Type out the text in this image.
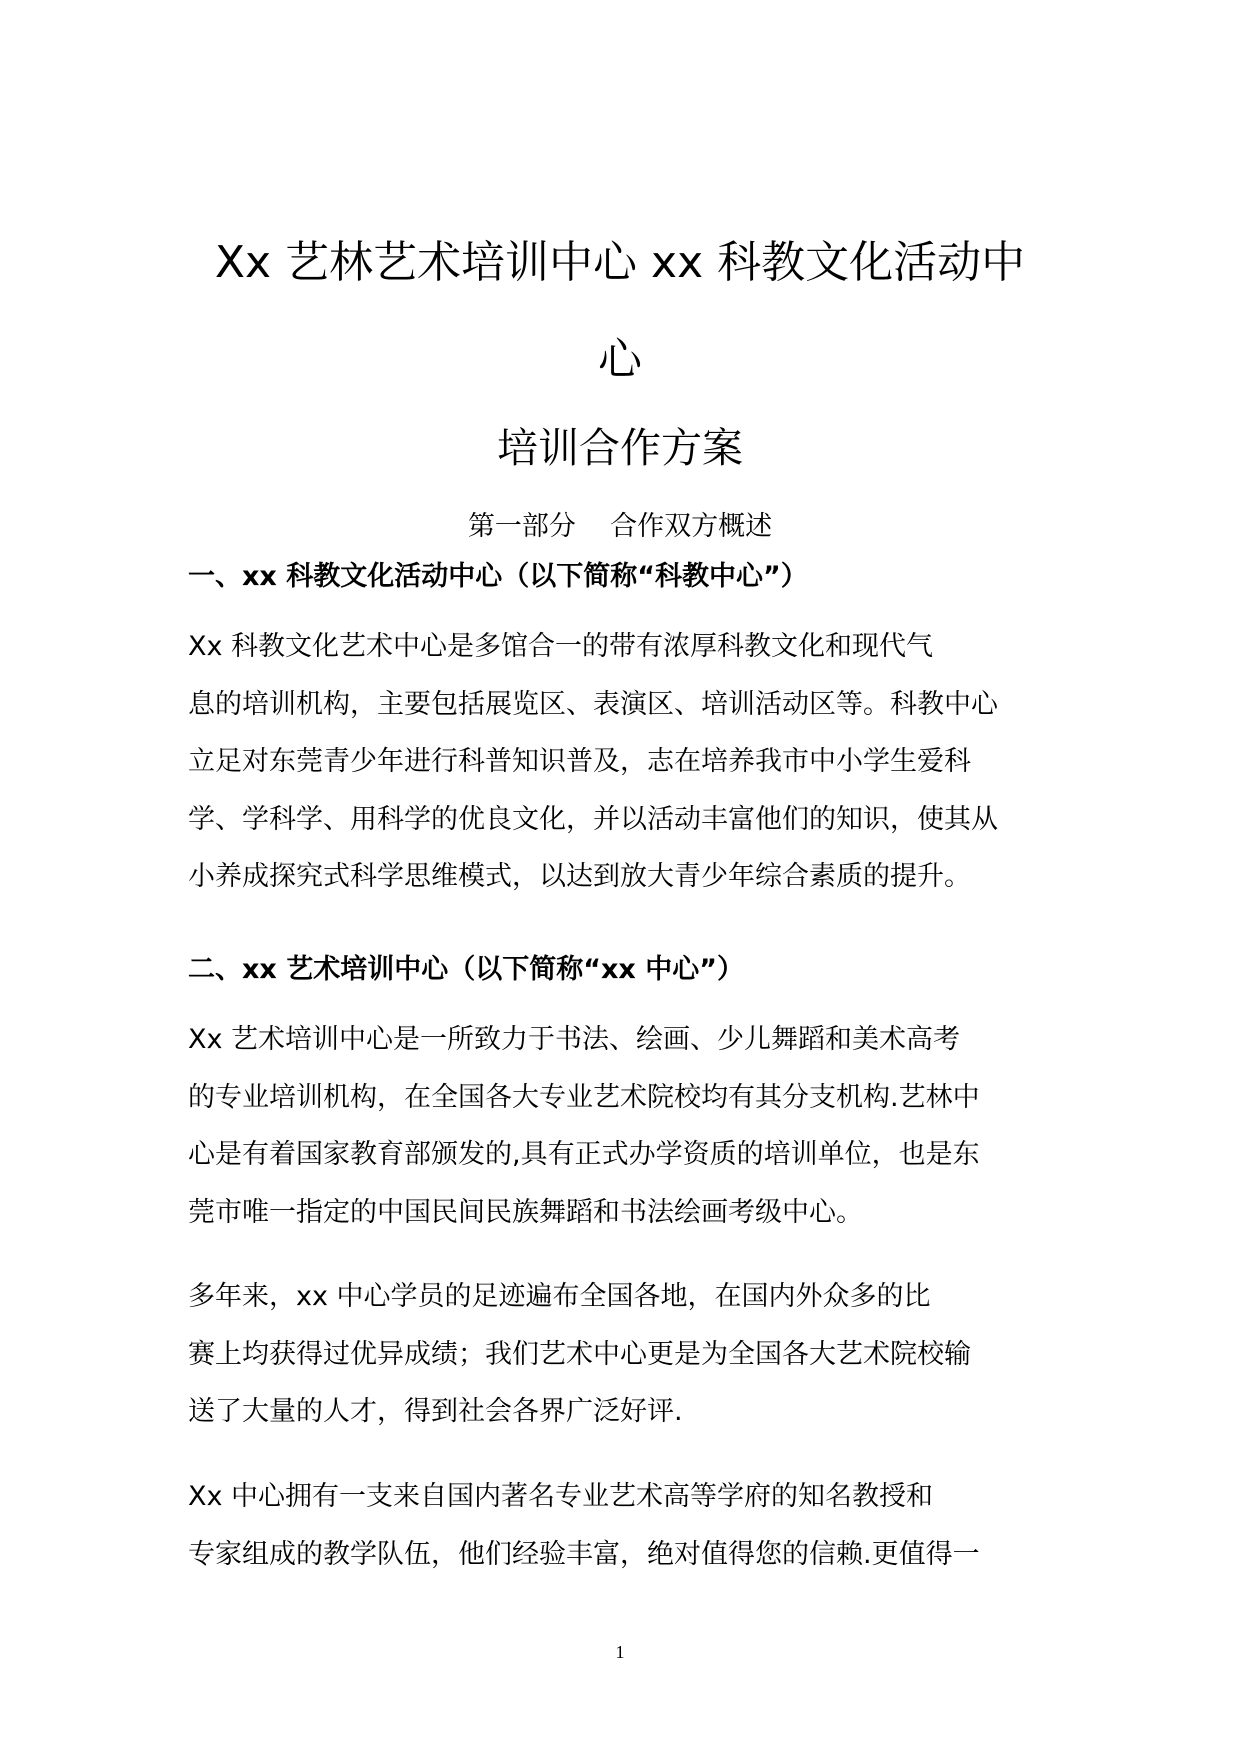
Xx 艺林艺术培训中心 xx 科教文化活动中
心
培训合作方案
第一部分    合作双方概述
一、xx 科教文化活动中心（以下简称“科教中心”）
Xx 科教文化艺术中心是多馆合一的带有浓厚科教文化和现代气
息的培训机构，主要包括展览区、表演区、培训活动区等。科教中心
立足对东莞青少年进行科普知识普及，志在培养我市中小学生爱科
学、学科学、用科学的优良文化，并以活动丰富他们的知识，使其从
小养成探究式科学思维模式，以达到放大青少年综合素质的提升。
二、xx 艺术培训中心（以下简称“xx 中心”）
Xx 艺术培训中心是一所致力于书法、绘画、少儿舞蹈和美术高考
的专业培训机构，在全国各大专业艺术院校均有其分支机构.艺林中
心是有着国家教育部颁发的,具有正式办学资质的培训单位，也是东
莞市唯一指定的中国民间民族舞蹈和书法绘画考级中心。
多年来，xx 中心学员的足迹遍布全国各地，在国内外众多的比
赛上均获得过优异成绩；我们艺术中心更是为全国各大艺术院校输
送了大量的人才，得到社会各界广泛好评.
Xx 中心拥有一支来自国内著名专业艺术高等学府的知名教授和
专家组成的教学队伍，他们经验丰富，绝对值得您的信赖.更值得一
1
